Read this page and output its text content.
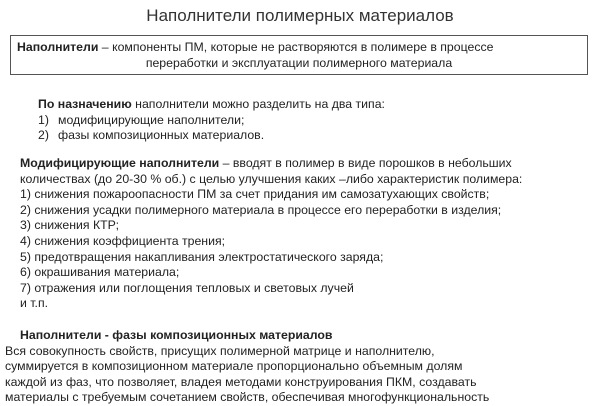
Наполнители полимерных материалов
Наполнители – компоненты ПМ, которые не растворяются в полимере в процессе
переработки и эксплуатации полимерного материала
По назначению наполнители можно разделить на два типа:
1) модифицирующие наполнители;
2) фазы композиционных материалов.
Модифицирующие наполнители – вводят в полимер в виде порошков в небольших
количествах (до 20-30 % об.) с целью улучшения каких –либо характеристик полимера:
1) снижения пожароопасности ПМ за счет придания им самозатухающих свойств;
2) снижения усадки полимерного материала в процессе его переработки в изделия;
3) снижения КТР;
4) снижения коэффициента трения;
5) предотвращения накапливания электростатического заряда;
6) окрашивания материала;
7) отражения или поглощения тепловых и световых лучей
и т.п.
Наполнители - фазы композиционных материалов
Вся совокупность свойств, присущих полимерной матрице и наполнителю,
суммируется в композиционном материале пропорционально объемным долям
каждой из фаз, что позволяет, владея методами конструирования ПКМ, создавать
материалы с требуемым сочетанием свойств, обеспечивая многофункциональность
